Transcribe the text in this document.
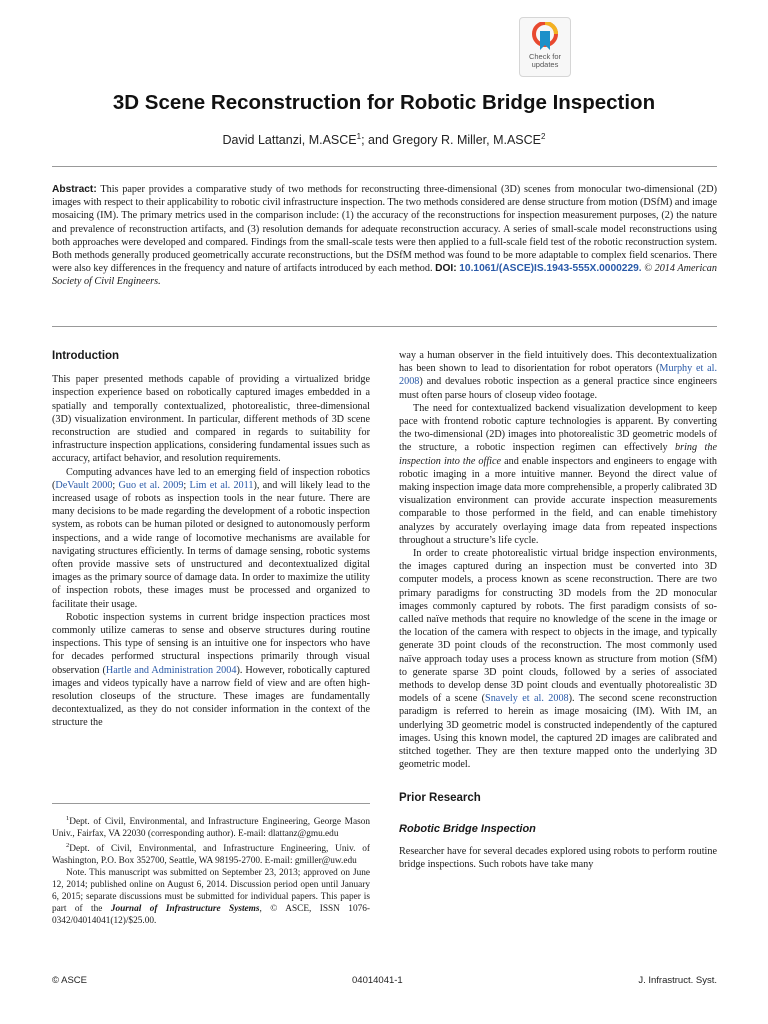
Check for
updates
3D Scene Reconstruction for Robotic Bridge Inspection
David Lattanzi, M.ASCE$^1$; and Gregory R. Miller, M.ASCE$^2$

Abstract: This paper provides a comparative study of two methods for reconstructing three-dimensional (3D) scenes from monocular two-dimensional (2D) images with respect to their applicability to robotic civil infrastructure inspection. The two methods considered are dense structure from motion (DSfM) and image mosaicing (IM). The primary metrics used in the comparison include: (1) the accuracy of the reconstructions for inspection measurement purposes, (2) the nature and prevalence of reconstruction artifacts, and (3) resolution demands for adequate reconstruction accuracy. A series of small-scale model reconstructions using both approaches were developed and compared. Findings from the small-scale tests were then applied to a full-scale field test of the robotic reconstruction system. Both methods generally produced geometrically accurate reconstructions, but the DSfM method was found to be more adaptable to complex field scenarios. There were also key differences in the frequency and nature of artifacts introduced by each method. DOI: 10.1061/(ASCE)IS.1943-555X.0000229. © 2014 American Society of Civil Engineers.

Introduction

This paper presented methods capable of providing a virtualized bridge inspection experience based on robotically captured images embedded in a spatially and temporally contextualized, photorealistic, three-dimensional (3D) visualization environment. In particular, different methods of 3D scene reconstruction are studied and compared in regards to suitability for infrastructure inspection applications, considering fundamental issues such as accuracy, artifact behavior, and resolution requirements.

Computing advances have led to an emerging field of inspection robotics (DeVault 2000; Guo et al. 2009; Lim et al. 2011), and will likely lead to the increased usage of robots as inspection tools in the near future. There are many decisions to be made regarding the development of a robotic inspection system, as robots can be human piloted or designed to autonomously perform inspections, and a wide range of locomotive mechanisms are available for navigating structures efficiently. In terms of damage sensing, robotic systems often provide massive sets of unstructured and decontextualized digital images as the primary source of damage data. In order to maximize the utility of inspection robots, these images must be processed and organized to facilitate their usage.

Robotic inspection systems in current bridge inspection practices most commonly utilize cameras to sense and observe structures during routine inspections. This type of sensing is an intuitive one for inspectors who have for decades performed structural inspections primarily through visual observation (Hartle and Administration 2004). However, robotically captured images and videos typically have a narrow field of view and are often high-resolution closeups of the structure. These images are fundamentally decontextualized, as they do not consider information in the context of the structure the

$^1$Dept. of Civil, Environmental, and Infrastructure Engineering, George Mason Univ., Fairfax, VA 22030 (corresponding author). E-mail: dlattanz@gmu.edu

$^2$Dept. of Civil, Environmental, and Infrastructure Engineering, Univ. of Washington, P.O. Box 352700, Seattle, WA 98195-2700. E-mail: gmiller@uw.edu

Note. This manuscript was submitted on September 23, 2013; approved on June 12, 2014; published online on August 6, 2014. Discussion period open until January 6, 2015; separate discussions must be submitted for individual papers. This paper is part of the Journal of Infrastructure Systems, © ASCE, ISSN 1076-0342/04014041(12)/$25.00.

way a human observer in the field intuitively does. This decontextualization has been shown to lead to disorientation for robot operators (Murphy et al. 2008) and devalues robotic inspection as a general practice since engineers must often parse hours of closeup video footage.

The need for contextualized backend visualization development to keep pace with frontend robotic capture technologies is apparent. By converting the two-dimensional (2D) images into photorealistic 3D geometric models of the structure, a robotic inspection regimen can effectively bring the inspection into the office and enable inspectors and engineers to engage with robotic imaging in a more intuitive manner. Beyond the direct value of making inspection image data more comprehensible, a properly calibrated 3D visualization environment can provide accurate inspection measurements comparable to those performed in the field, and can enable timehistory analyzes by accurately overlaying image data from repeated inspections throughout a structure’s life cycle.

In order to create photorealistic virtual bridge inspection environments, the images captured during an inspection must be converted into 3D computer models, a process known as scene reconstruction. There are two primary paradigms for constructing 3D models from the 2D monocular images commonly captured by robots. The first paradigm consists of so-called naïve methods that require no knowledge of the scene in the image or the location of the camera with respect to objects in the image, and typically generate 3D point clouds of the reconstruction. The most commonly used naïve approach today uses a process known as structure from motion (SfM) to generate sparse 3D point clouds, followed by a series of associated methods to develop dense 3D point clouds and eventually photorealistic 3D models of a scene (Snavely et al. 2008). The second scene reconstruction paradigm is referred to herein as image mosaicing (IM). With IM, an underlying 3D geometric model is constructed independently of the captured images. Using this known model, the captured 2D images are calibrated and stitched together. They are then texture mapped onto the underlying 3D geometric model.

Prior Research
Robotic Bridge Inspection

Researcher have for several decades explored using robots to perform routine bridge inspections. Such robots have take many

© ASCE	04014041-1	J. Infrastruct. Syst.
